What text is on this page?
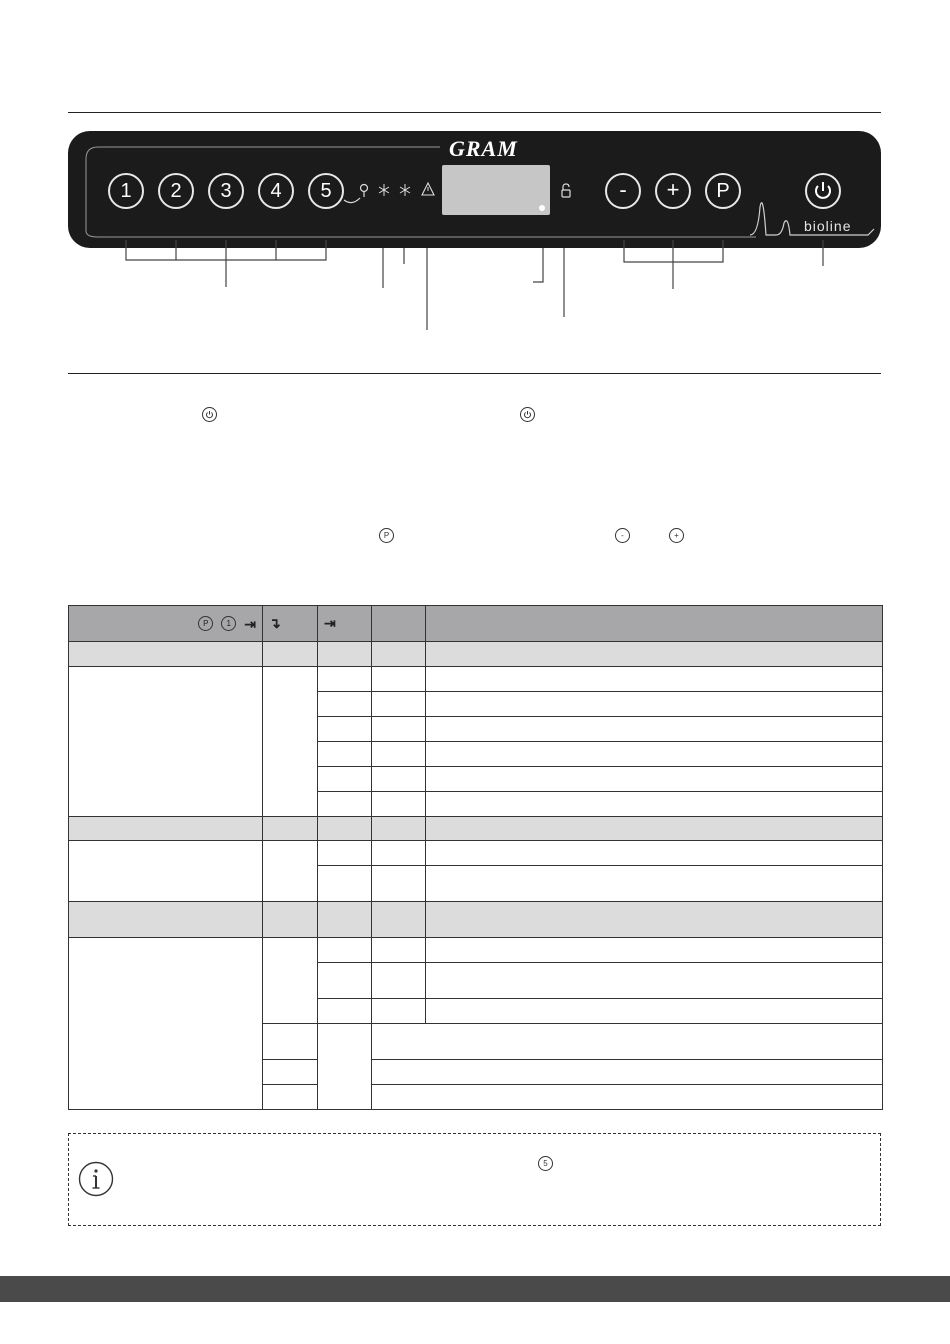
GRAM
1	2	3	4	5	-	+	P
bioline
P	-	+
P 1 ⇥	↴	⇥		

5
